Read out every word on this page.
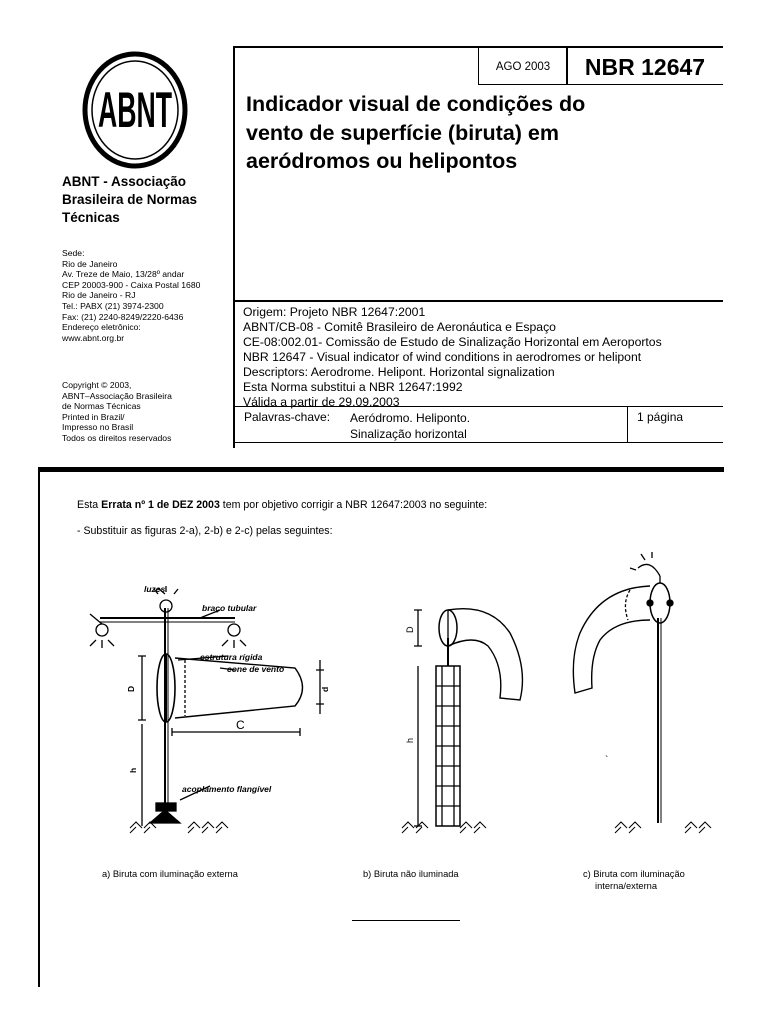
ABNT
ABNT - Associação Brasileira de Normas Técnicas
Sede:
Rio de Janeiro
Av. Treze de Maio, 13/28º andar
CEP 20003-900 - Caixa Postal 1680
Rio de Janeiro - RJ
Tel.: PABX (21) 3974-2300
Fax: (21) 2240-8249/2220-6436
Endereço eletrônico:
www.abnt.org.br
Copyright © 2003,
ABNT–Associação Brasileira
de Normas Técnicas
Printed in Brazil/
Impresso no Brasil
Todos os direitos reservados
AGO 2003	NBR 12647
Indicador visual de condições do
vento de superfície (biruta) em
aeródromos ou helipontos
Origem: Projeto NBR 12647:2001
ABNT/CB-08 - Comitê Brasileiro de Aeronáutica e Espaço
CE-08:002.01- Comissão de Estudo de Sinalização Horizontal em Aeroportos
NBR 12647 - Visual indicator of wind conditions in aerodromes or helipont
Descriptors: Aerodrome. Helipont. Horizontal signalization
Esta Norma substitui a NBR 12647:1992
Válida a partir de 29.09.2003
Palavras-chave: Aeródromo. Heliponto.
Sinalização horizontal
1 página
Esta Errata nº 1 de DEZ 2003 tem por objetivo corrigir a NBR 12647:2003 no seguinte:
- Substituir as figuras 2-a), 2-b) e 2-c) pelas seguintes:
luzes
braço tubular
estrutura rígida
cone de vento
D	d
C
h
acoplamento flangível
D
h
`
a) Biruta com iluminação externa	b) Biruta não iluminada	c) Biruta com iluminação
interna/externa
